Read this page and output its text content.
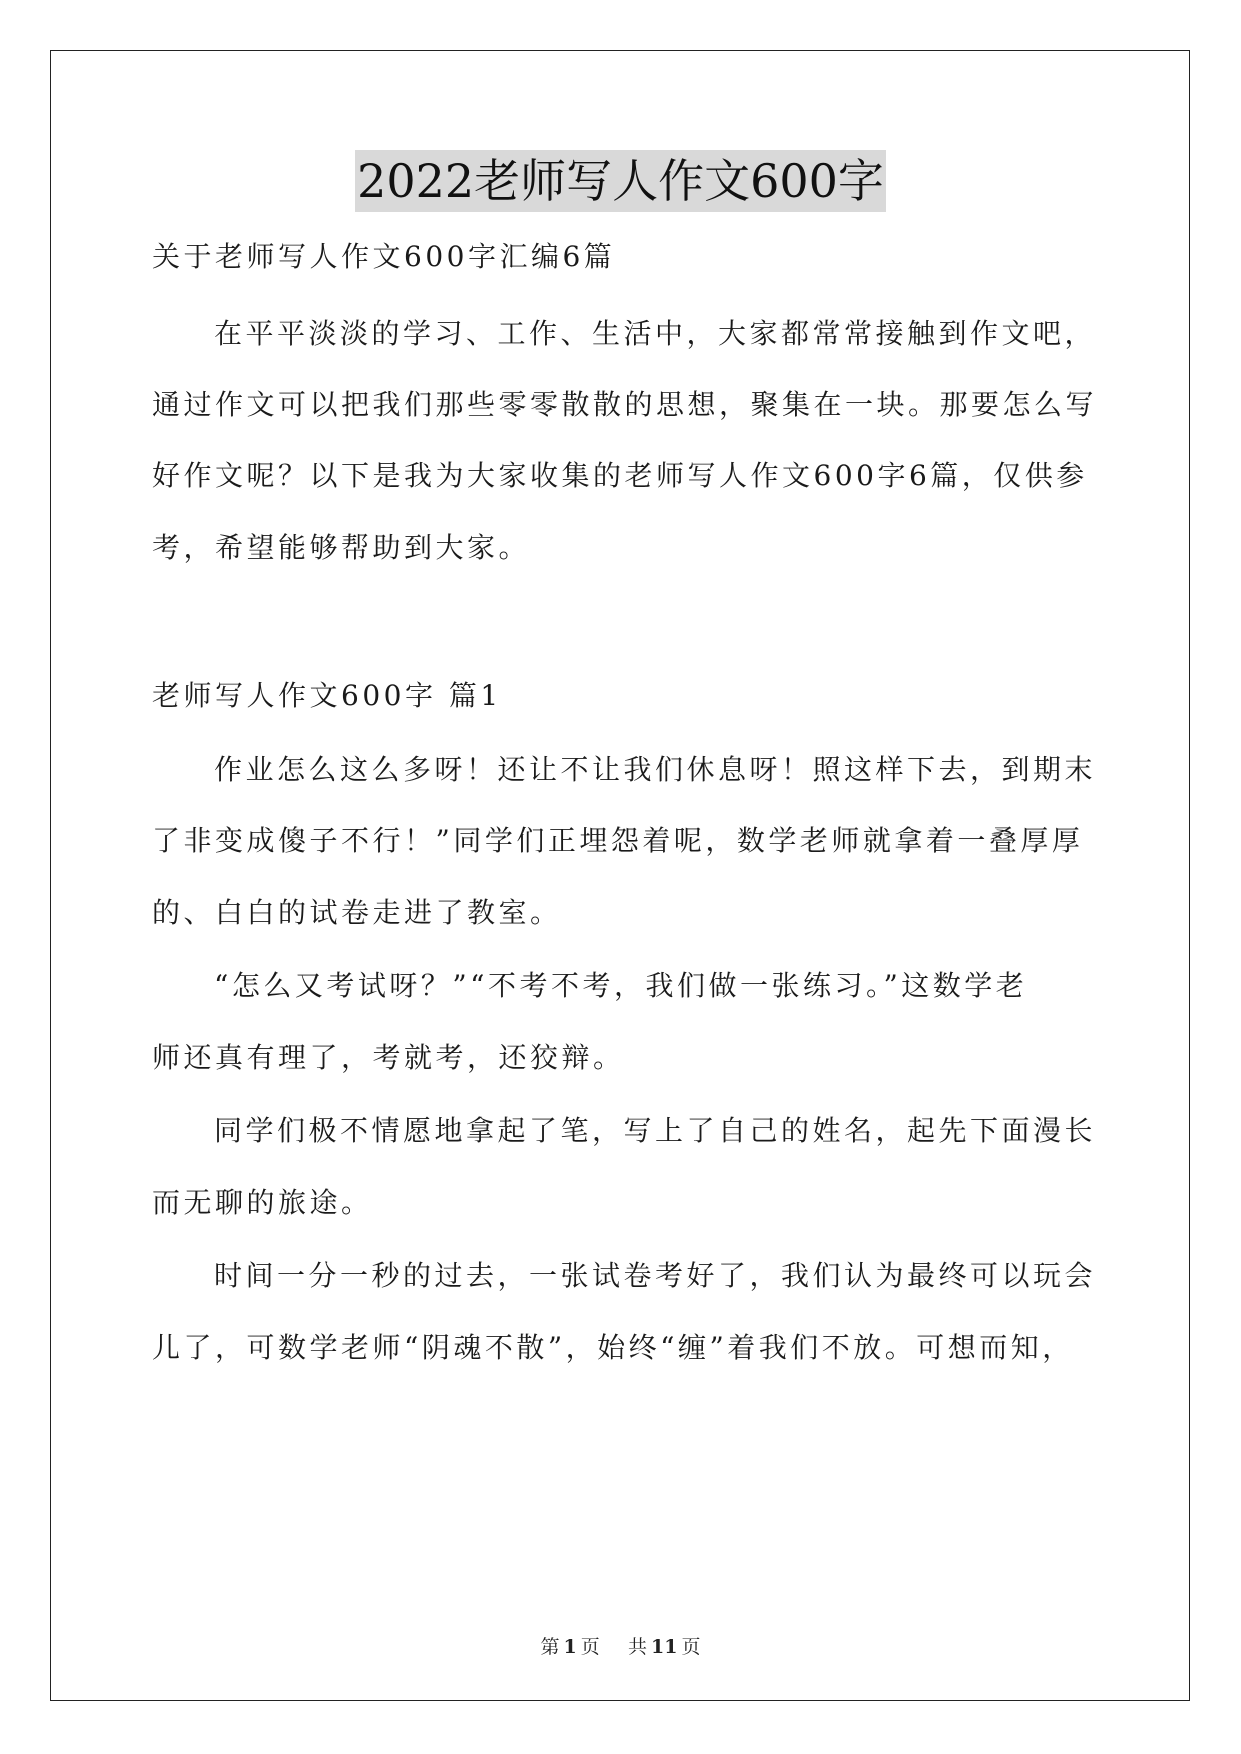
2022老师写人作文600字
关于老师写人作文600字汇编6篇
在平平淡淡的学习、工作、生活中，大家都常常接触到作文吧，
通过作文可以把我们那些零零散散的思想，聚集在一块。那要怎么写
好作文呢？以下是我为大家收集的老师写人作文600字6篇，仅供参
考，希望能够帮助到大家。
老师写人作文600字 篇1
作业怎么这么多呀！还让不让我们休息呀！照这样下去，到期末
了非变成傻子不行！”同学们正埋怨着呢，数学老师就拿着一叠厚厚
的、白白的试卷走进了教室。
“怎么又考试呀？”“不考不考，我们做一张练习。”这数学老
师还真有理了，考就考，还狡辩。
同学们极不情愿地拿起了笔，写上了自己的姓名，起先下面漫长
而无聊的旅途。
时间一分一秒的过去，一张试卷考好了，我们认为最终可以玩会
儿了，可数学老师“阴魂不散”，始终“缠”着我们不放。可想而知，
第 1 页 共 11 页
